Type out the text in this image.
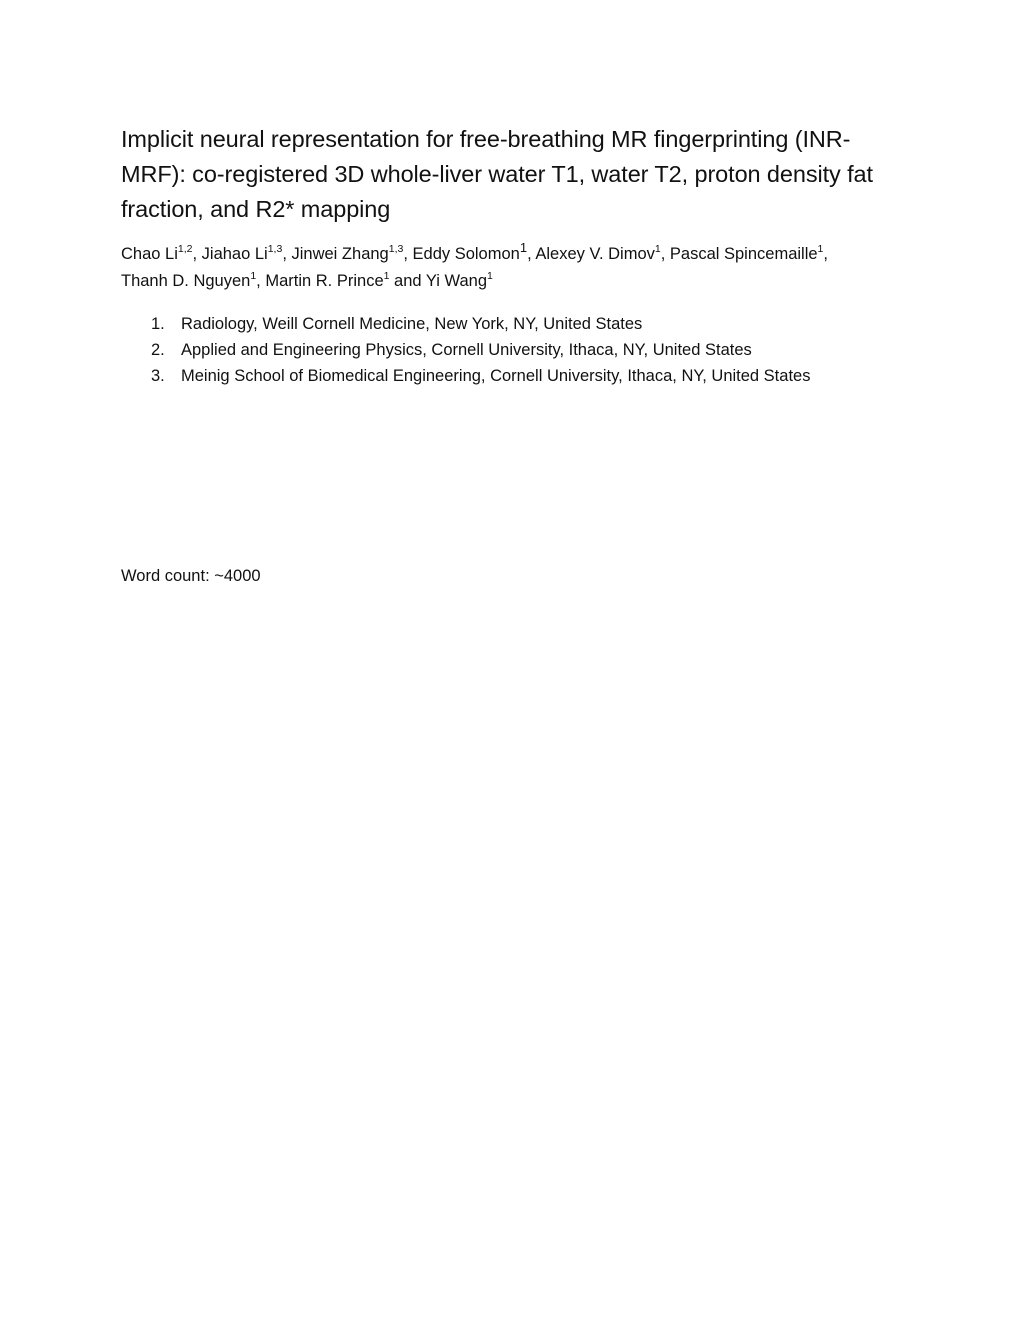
Implicit neural representation for free-breathing MR fingerprinting (INR-MRF): co-registered 3D whole-liver water T1, water T2, proton density fat fraction, and R2* mapping

Chao Li$^{1,2}$, Jiahao Li$^{1,3}$, Jinwei Zhang$^{1,3}$, Eddy Solomon$^1$, Alexey V. Dimov$^1$, Pascal Spincemaille$^1$,
Thanh D. Nguyen$^1$, Martin R. Prince$^1$ and Yi Wang$^1$

1. Radiology, Weill Cornell Medicine, New York, NY, United States
2. Applied and Engineering Physics, Cornell University, Ithaca, NY, United States
3. Meinig School of Biomedical Engineering, Cornell University, Ithaca, NY, United States

Word count: ~4000
